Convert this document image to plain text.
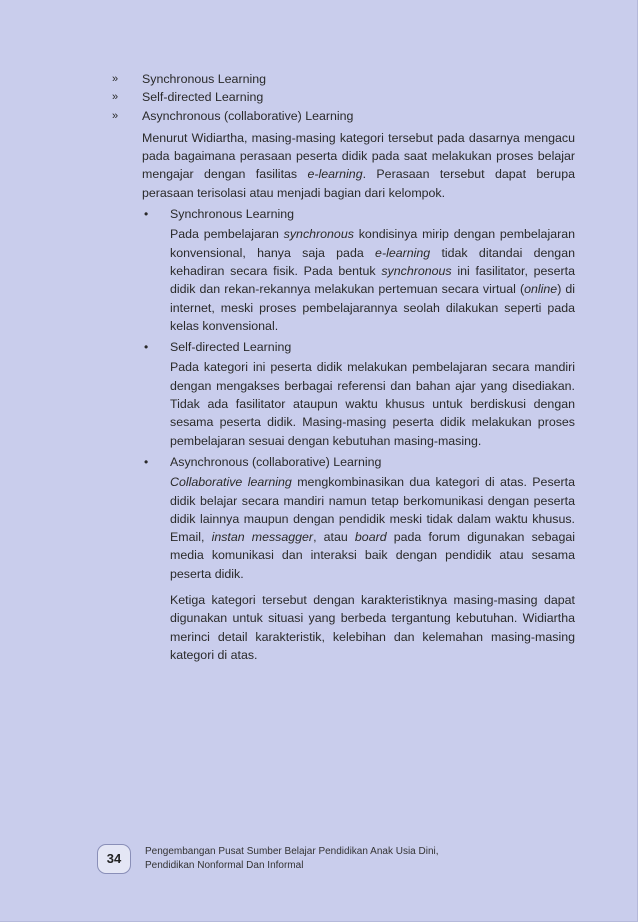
» Synchronous Learning
» Self-directed Learning
» Asynchronous (collaborative) Learning

Menurut Widiartha, masing-masing kategori tersebut pada dasarnya mengacu pada bagaimana perasaan peserta didik pada saat melakukan proses belajar mengajar dengan fasilitas e-learning. Perasaan tersebut dapat berupa perasaan terisolasi atau menjadi bagian dari kelompok.

• Synchronous Learning

Pada pembelajaran synchronous kondisinya mirip dengan pembelajaran konvensional, hanya saja pada e-learning tidak ditandai dengan kehadiran secara fisik. Pada bentuk synchronous ini fasilitator, peserta didik dan rekan-rekannya melakukan pertemuan secara virtual (online) di internet, meski proses pembelajarannya seolah dilakukan seperti pada kelas konvensional.

• Self-directed Learning

Pada kategori ini peserta didik melakukan pembelajaran secara mandiri dengan mengakses berbagai referensi dan bahan ajar yang disediakan. Tidak ada fasilitator ataupun waktu khusus untuk berdiskusi dengan sesama peserta didik. Masing-masing peserta didik melakukan proses pembelajaran sesuai dengan kebutuhan masing-masing.

• Asynchronous (collaborative) Learning

Collaborative learning mengkombinasikan dua kategori di atas. Peserta didik belajar secara mandiri namun tetap berkomunikasi dengan peserta didik lainnya maupun dengan pendidik meski tidak dalam waktu khusus. Email, instan messagger, atau board pada forum digunakan sebagai media komunikasi dan interaksi baik dengan pendidik atau sesama peserta didik.

Ketiga kategori tersebut dengan karakteristiknya masing-masing dapat digunakan untuk situasi yang berbeda tergantung kebutuhan. Widiartha merinci detail karakteristik, kelebihan dan kelemahan masing-masing kategori di atas.

34	Pengembangan Pusat Sumber Belajar Pendidikan Anak Usia Dini,
Pendidikan Nonformal Dan Informal
